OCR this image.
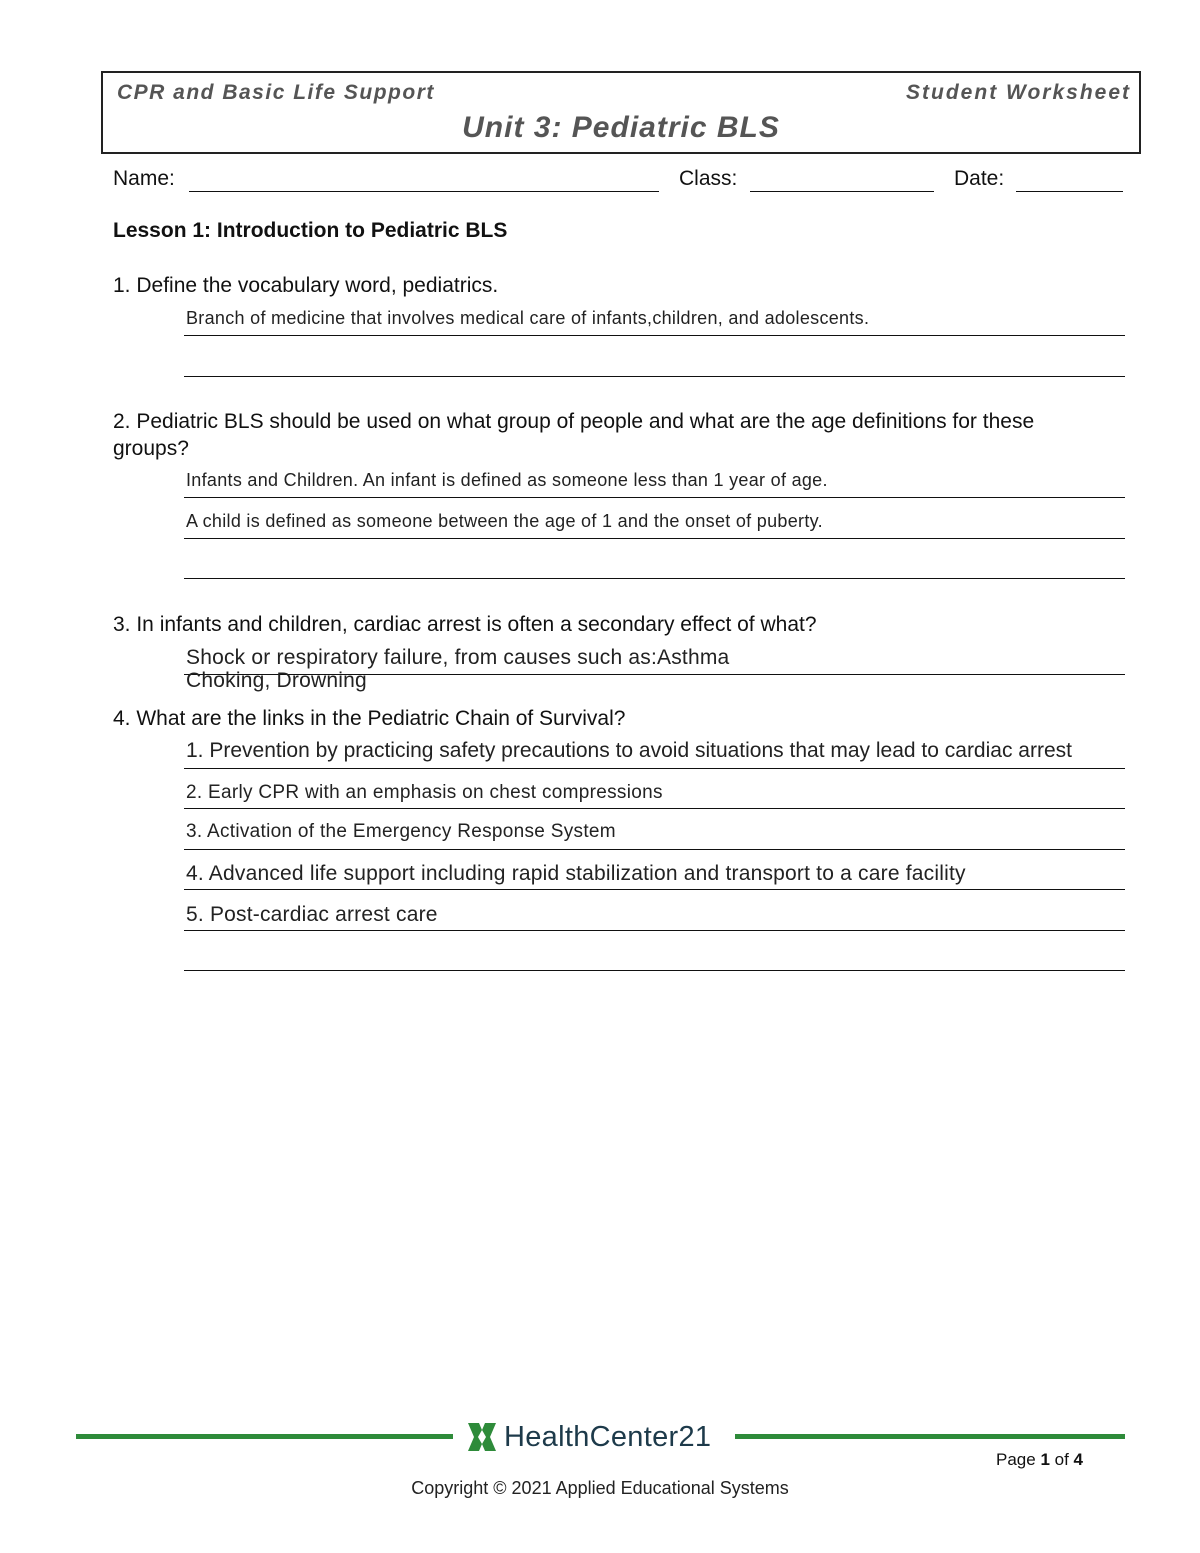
CPR and Basic Life Support	Student Worksheet
Unit 3: Pediatric BLS
Name:	Class:	Date:
Lesson 1: Introduction to Pediatric BLS
1. Define the vocabulary word, pediatrics.
Branch of medicine that involves medical care of infants,children, and adolescents.
2. Pediatric BLS should be used on what group of people and what are the age definitions for these groups?
Infants and Children. An infant is defined as someone less than 1 year of age.
A child is defined as someone between the age of 1 and the onset of puberty.
3. In infants and children, cardiac arrest is often a secondary effect of what?
Shock or respiratory failure, from causes such as:Asthma
Choking, Drowning
4. What are the links in the Pediatric Chain of Survival?
1. Prevention by practicing safety precautions to avoid situations that may lead to cardiac arrest
2. Early CPR with an emphasis on chest compressions
3. Activation of the Emergency Response System
4. Advanced life support including rapid stabilization and transport to a care facility
5. Post-cardiac arrest care
HealthCenter21
Page 1 of 4
Copyright © 2021 Applied Educational Systems
